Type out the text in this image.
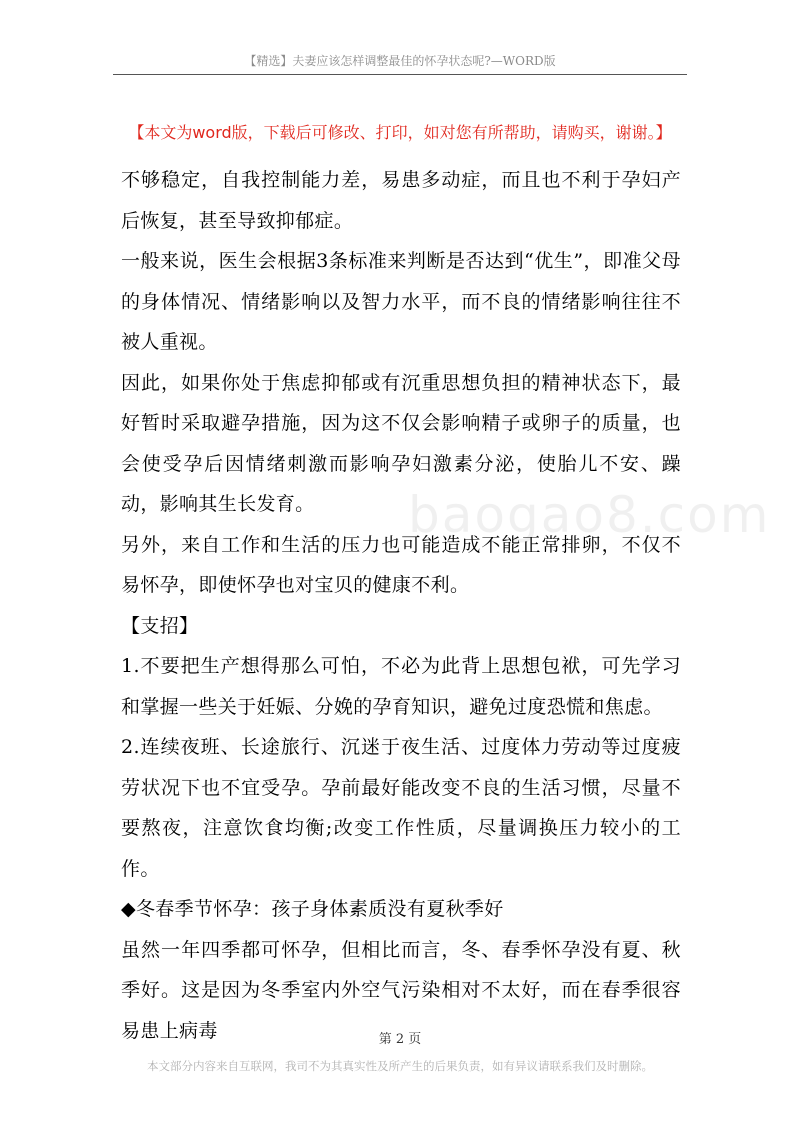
【精选】夫妻应该怎样调整最佳的怀孕状态呢?—WORD版
【本文为word版，下载后可修改、打印，如对您有所帮助，请购买，谢谢。】
baogao8.com

不够稳定，自我控制能力差，易患多动症，而且也不利于孕妇产后恢复，甚至导致抑郁症。

一般来说，医生会根据3条标准来判断是否达到“优生”，即准父母的身体情况、情绪影响以及智力水平，而不良的情绪影响往往不被人重视。

因此，如果你处于焦虑抑郁或有沉重思想负担的精神状态下，最好暂时采取避孕措施，因为这不仅会影响精子或卵子的质量，也会使受孕后因情绪刺激而影响孕妇激素分泌，使胎儿不安、躁动，影响其生长发育。

另外，来自工作和生活的压力也可能造成不能正常排卵，不仅不易怀孕，即使怀孕也对宝贝的健康不利。

【支招】

1.不要把生产想得那么可怕，不必为此背上思想包袱，可先学习和掌握一些关于妊娠、分娩的孕育知识，避免过度恐慌和焦虑。

2.连续夜班、长途旅行、沉迷于夜生活、过度体力劳动等过度疲劳状况下也不宜受孕。孕前最好能改变不良的生活习惯，尽量不要熬夜，注意饮食均衡;改变工作性质，尽量调换压力较小的工作。

◆冬春季节怀孕：孩子身体素质没有夏秋季好

虽然一年四季都可怀孕，但相比而言，冬、春季怀孕没有夏、秋季好。这是因为冬季室内外空气污染相对不太好，而在春季很容易患上病毒	第 2 页
本文部分内容来自互联网，我司不为其真实性及所产生的后果负责，如有异议请联系我们及时删除。
